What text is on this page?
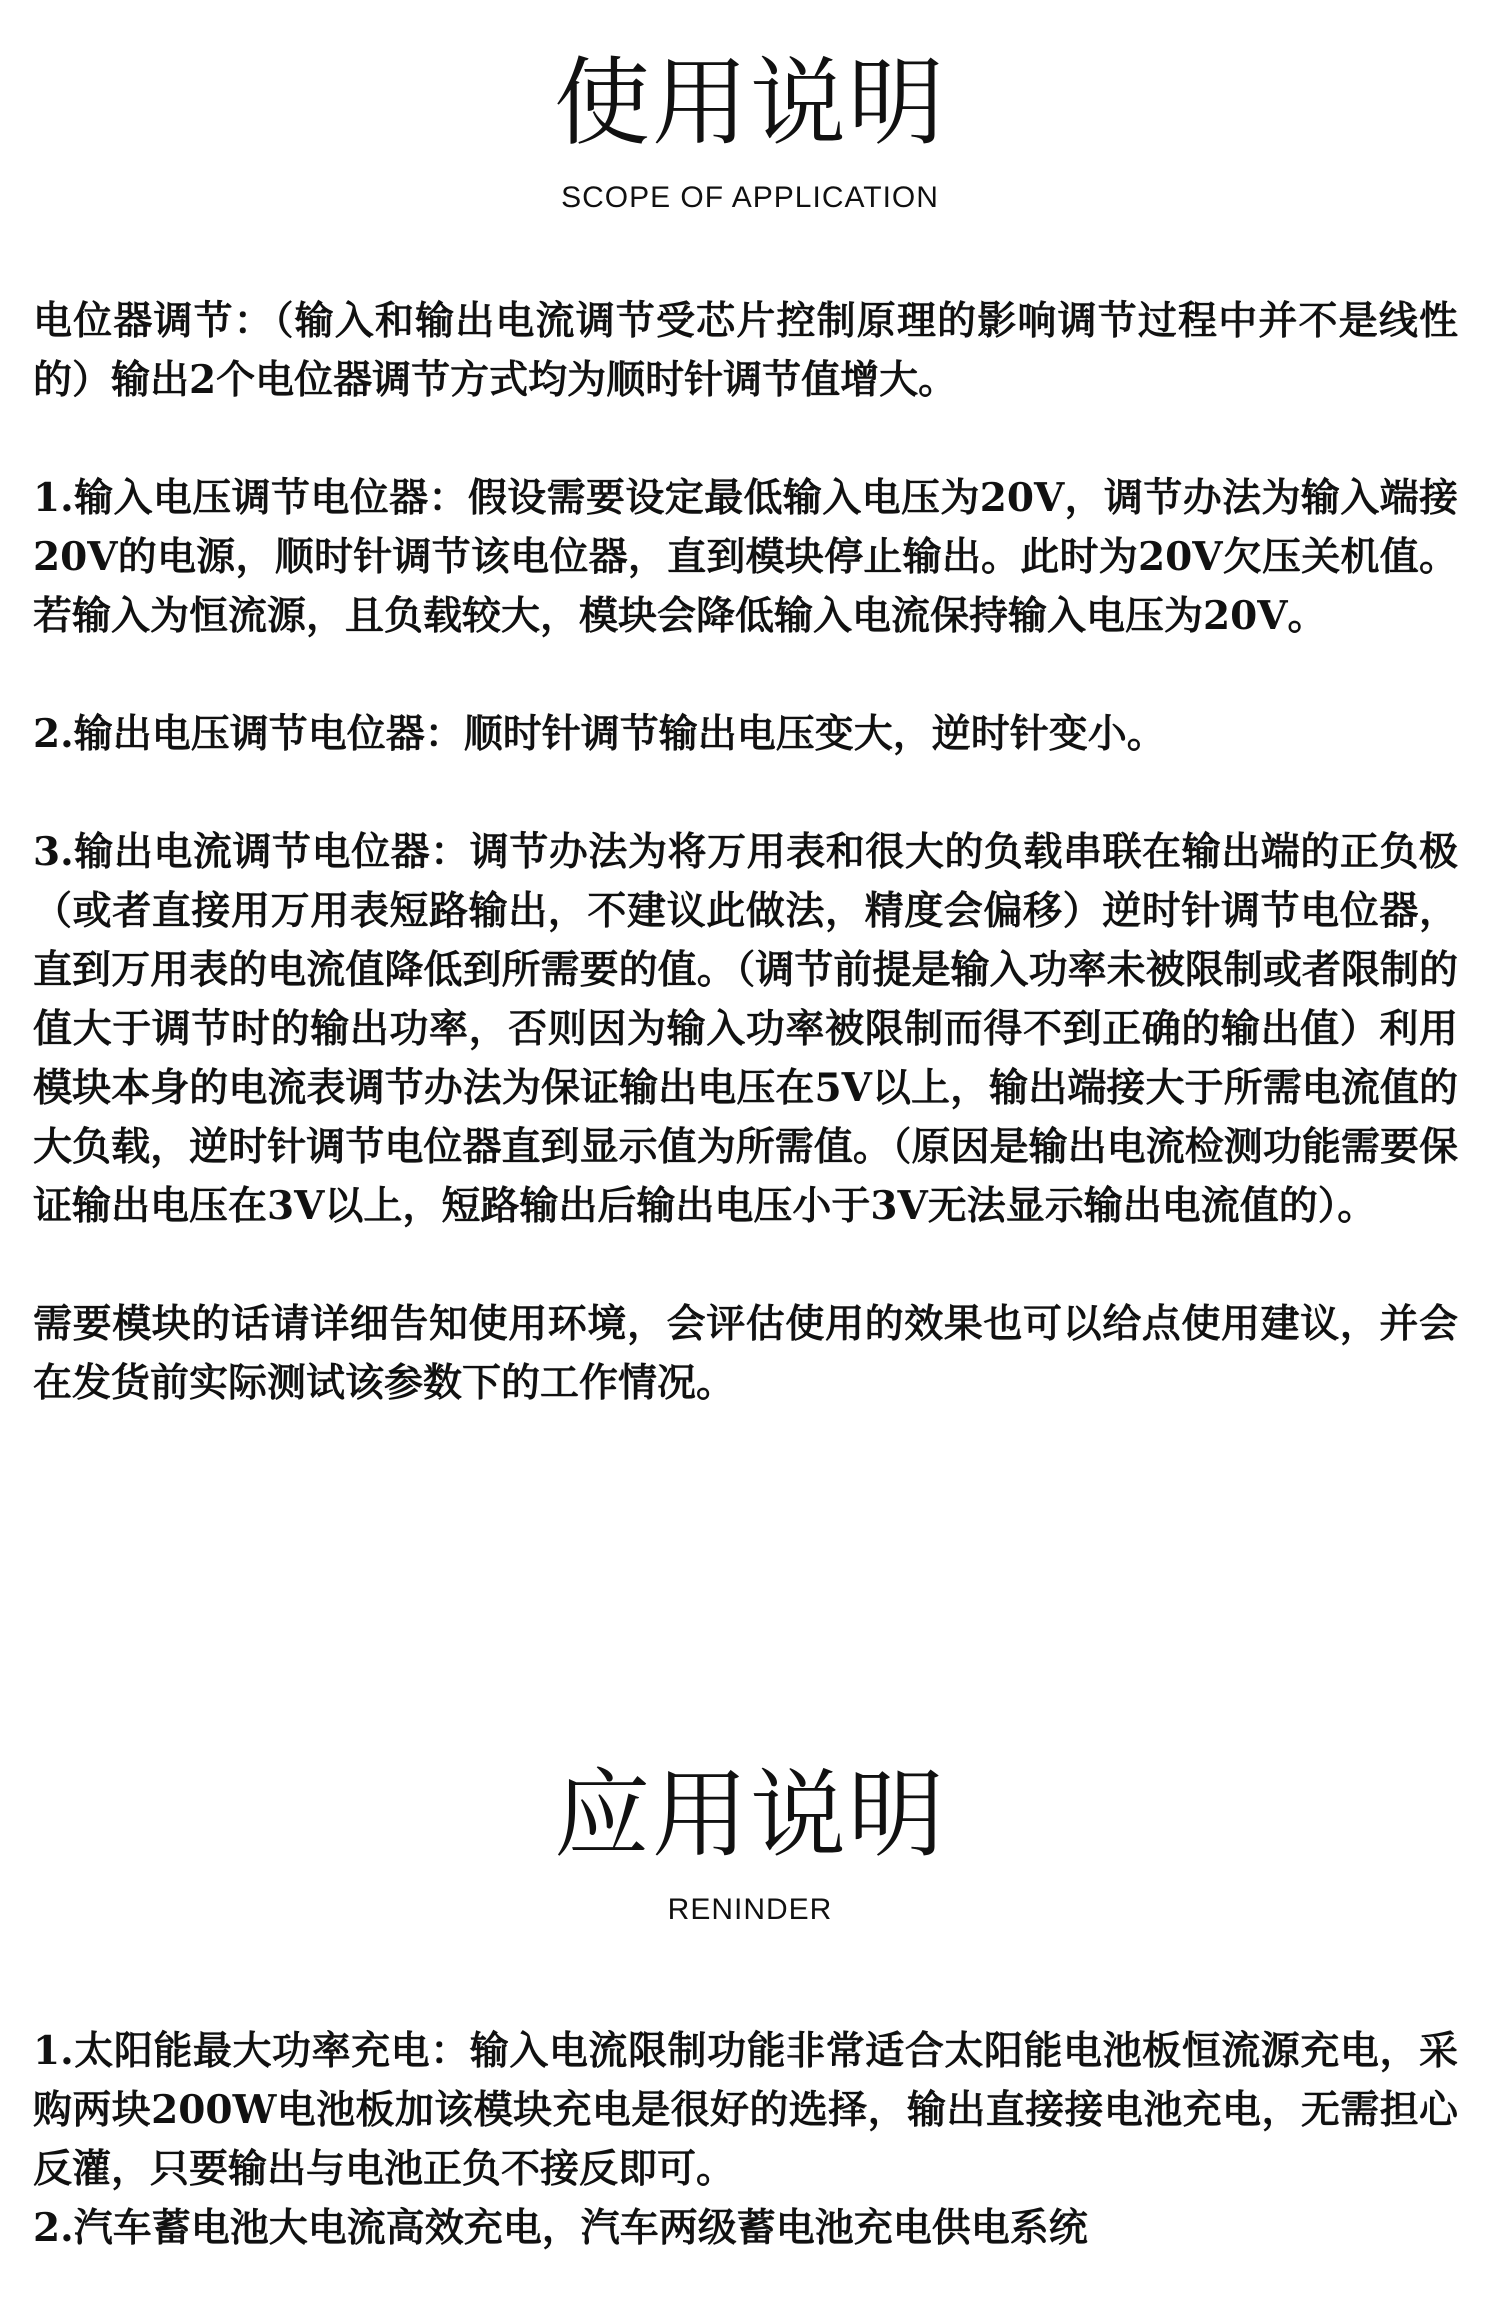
使用说明
SCOPE OF APPLICATION

电位器调节：（输入和输出电流调节受芯片控制原理的影响调节过程中并不是线性的）输出2个电位器调节方式均为顺时针调节值增大。

1.输入电压调节电位器：假设需要设定最低输入电压为20V，调节办法为输入端接20V的电源，顺时针调节该电位器，直到模块停止输出。此时为20V欠压关机值。若输入为恒流源，且负载较大，模块会降低输入电流保持输入电压为20V。

2.输出电压调节电位器：顺时针调节输出电压变大，逆时针变小。

3.输出电流调节电位器：调节办法为将万用表和很大的负载串联在输出端的正负极（或者直接用万用表短路输出，不建议此做法，精度会偏移）逆时针调节电位器，直到万用表的电流值降低到所需要的值。（调节前提是输入功率未被限制或者限制的值大于调节时的输出功率，否则因为输入功率被限制而得不到正确的输出值）利用模块本身的电流表调节办法为保证输出电压在5V以上，输出端接大于所需电流值的大负载，逆时针调节电位器直到显示值为所需值。（原因是输出电流检测功能需要保证输出电压在3V以上，短路输出后输出电压小于3V无法显示输出电流值的）。

需要模块的话请详细告知使用环境，会评估使用的效果也可以给点使用建议，并会在发货前实际测试该参数下的工作情况。

应用说明
RENINDER

1.太阳能最大功率充电：输入电流限制功能非常适合太阳能电池板恒流源充电，采购两块200W电池板加该模块充电是很好的选择，输出直接接电池充电，无需担心反灌，只要输出与电池正负不接反即可。

2.汽车蓄电池大电流高效充电，汽车两级蓄电池充电供电系统
